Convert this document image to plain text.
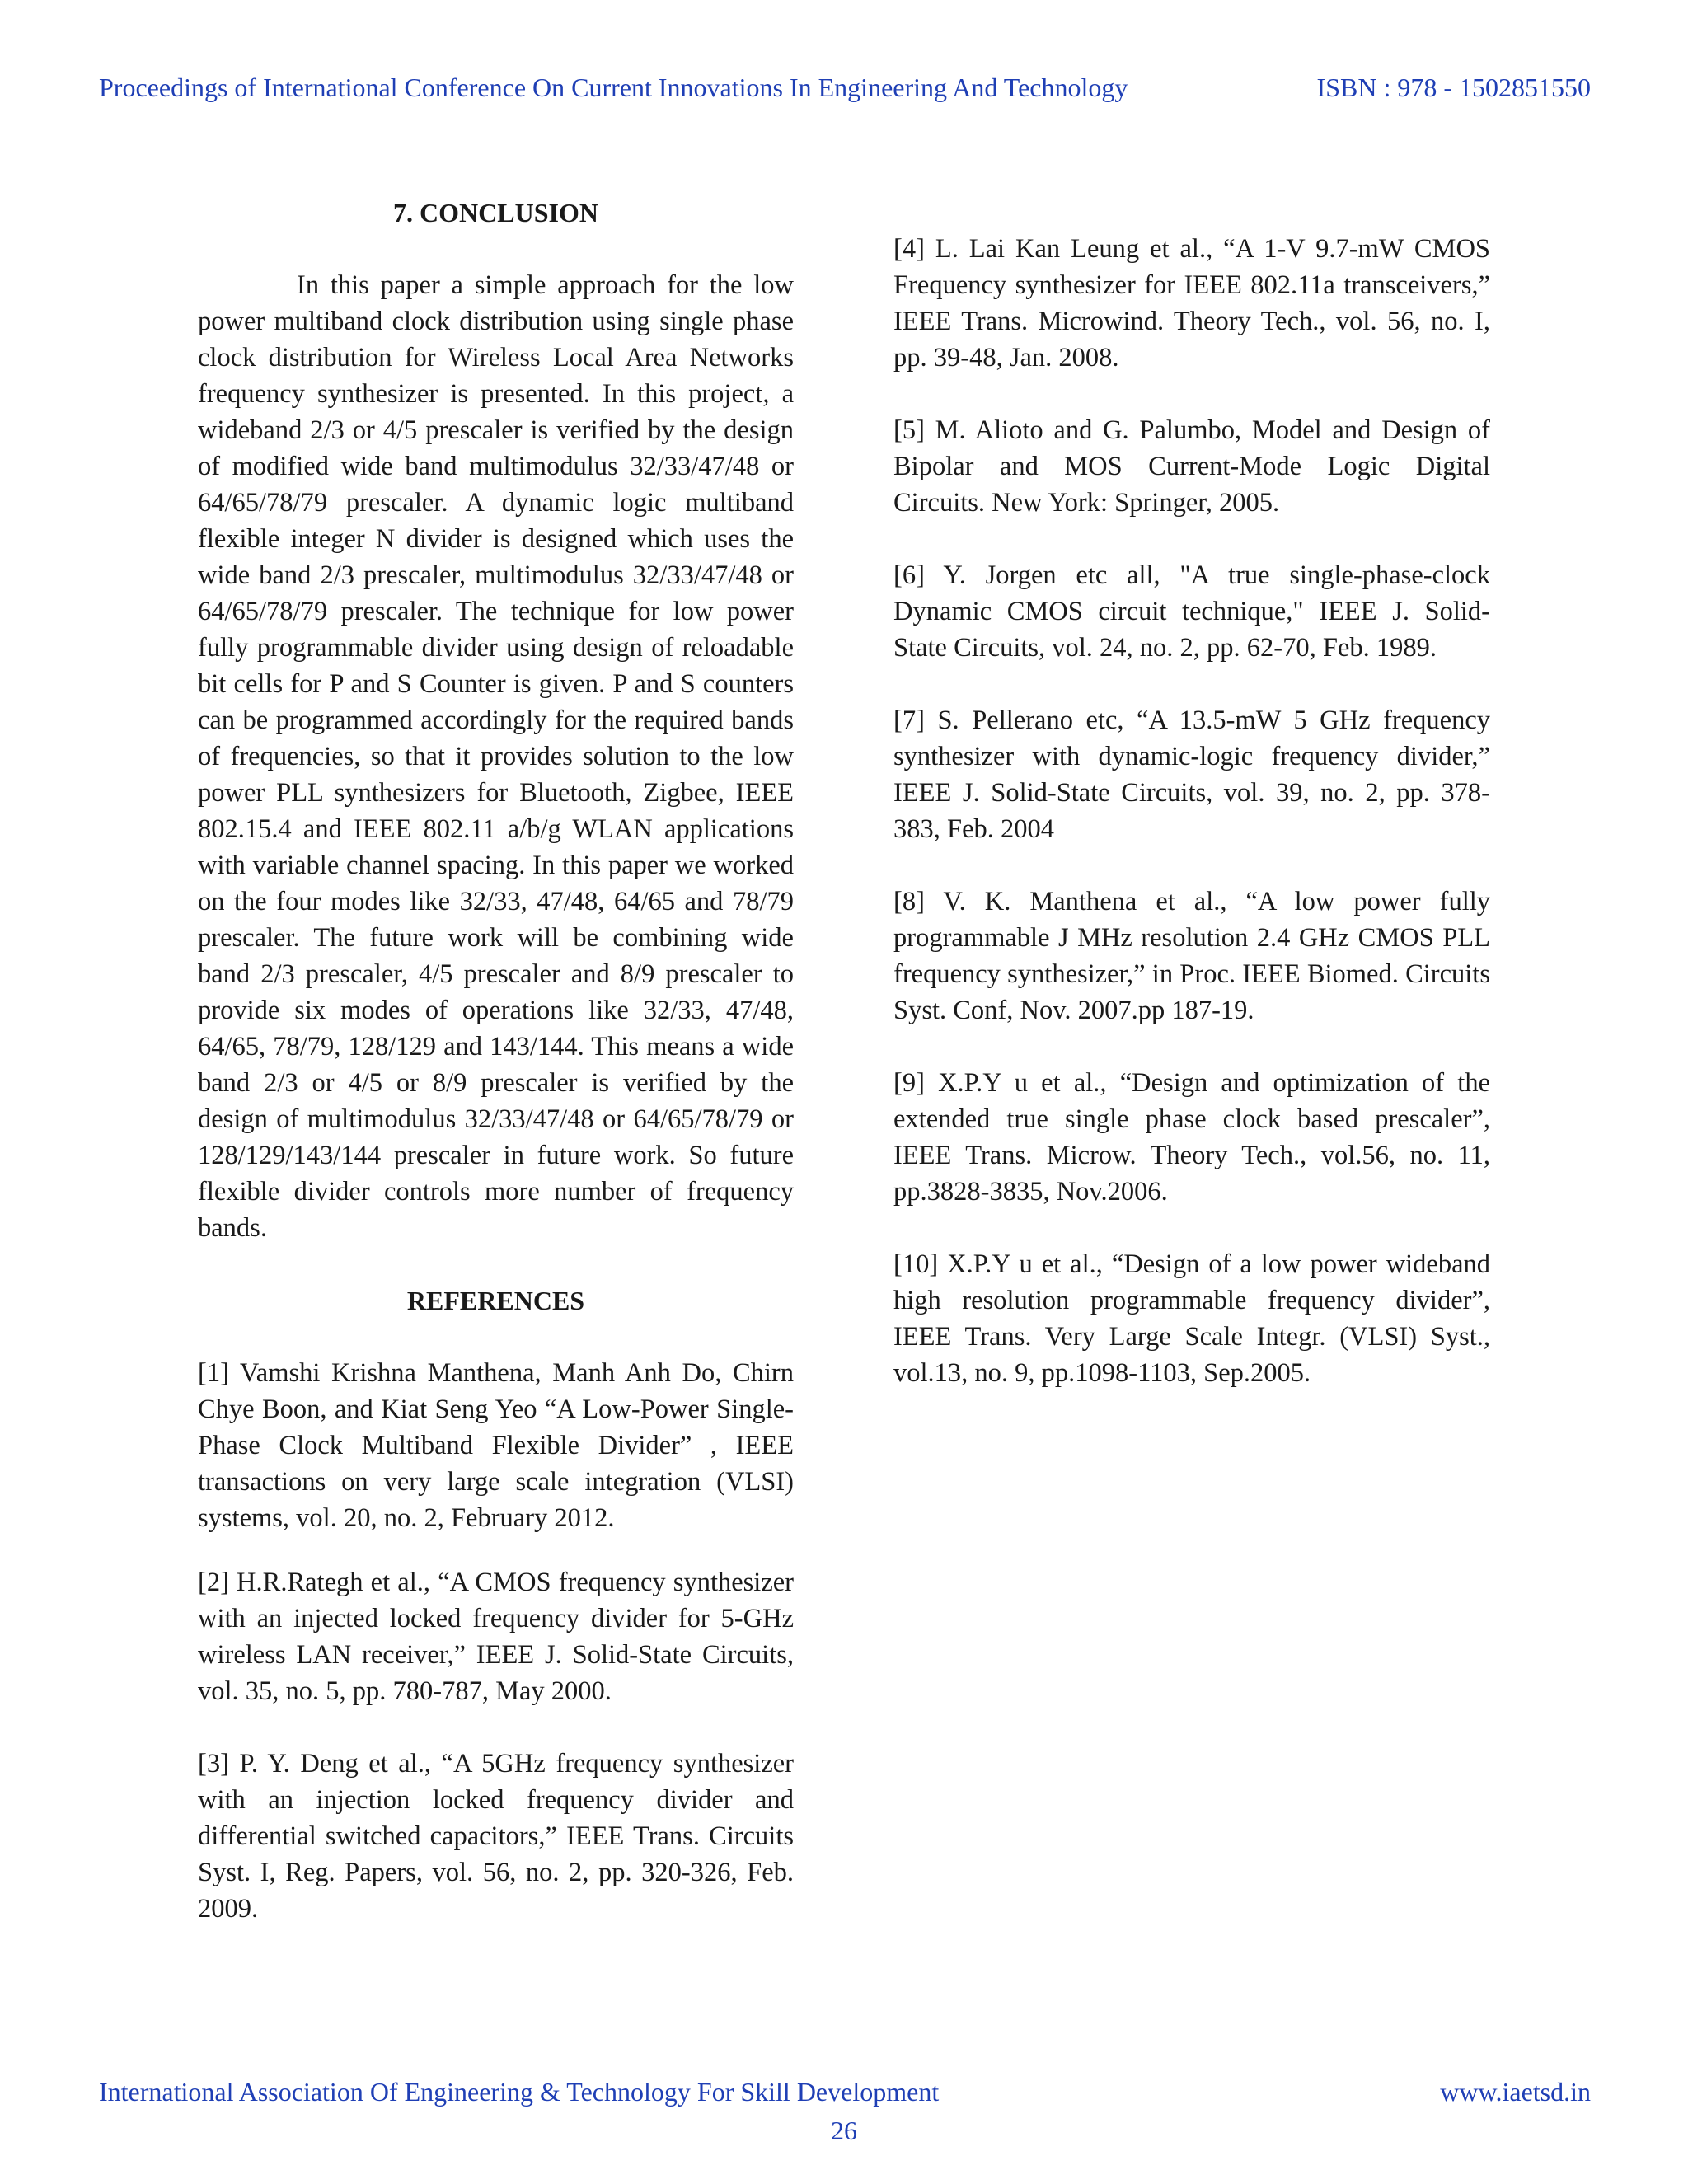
Proceedings of International Conference On Current Innovations In Engineering And Technology	ISBN : 978 - 1502851550
7. CONCLUSION

In this paper a simple approach for the low power multiband clock distribution using single phase clock distribution for Wireless Local Area Networks frequency synthesizer is presented. In this project, a wideband 2/3 or 4/5 prescaler is verified by the design of modified wide band multimodulus 32/33/47/48 or 64/65/78/79 prescaler. A dynamic logic multiband flexible integer N divider is designed which uses the wide band 2/3 prescaler, multimodulus 32/33/47/48 or 64/65/78/79 prescaler. The technique for low power fully programmable divider using design of reloadable bit cells for P and S Counter is given. P and S counters can be programmed accordingly for the required bands of frequencies, so that it provides solution to the low power PLL synthesizers for Bluetooth, Zigbee, IEEE 802.15.4 and IEEE 802.11 a/b/g WLAN applications with variable channel spacing. In this paper we worked on the four modes like 32/33, 47/48, 64/65 and 78/79 prescaler. The future work will be combining wide band 2/3 prescaler, 4/5 prescaler and 8/9 prescaler to provide six modes of operations like 32/33, 47/48, 64/65, 78/79, 128/129 and 143/144. This means a wide band 2/3 or 4/5 or 8/9 prescaler is verified by the design of multimodulus 32/33/47/48 or 64/65/78/79 or 128/129/143/144 prescaler in future work. So future flexible divider controls more number of frequency bands.

REFERENCES

[1] Vamshi Krishna Manthena, Manh Anh Do, Chirn Chye Boon, and Kiat Seng Yeo “A Low-Power Single-Phase Clock Multiband Flexible Divider” , IEEE transactions on very large scale integration (VLSI) systems, vol. 20, no. 2, February 2012.

[2] H.R.Rategh et al., “A CMOS frequency synthesizer with an injected locked frequency divider for 5-GHz wireless LAN receiver,” IEEE J. Solid-State Circuits, vol. 35, no. 5, pp. 780-787, May 2000.

[3] P. Y. Deng et al., “A 5GHz frequency synthesizer with an injection locked frequency divider and differential switched capacitors,” IEEE Trans. Circuits Syst. I, Reg. Papers, vol. 56, no. 2, pp. 320-326, Feb. 2009.

[4] L. Lai Kan Leung et al., “A 1-V 9.7-mW CMOS Frequency synthesizer for IEEE 802.11a transceivers,” IEEE Trans. Microwind. Theory Tech., vol. 56, no. I, pp. 39-48, Jan. 2008.

[5] M. Alioto and G. Palumbo, Model and Design of Bipolar and MOS Current-Mode Logic Digital Circuits. New York: Springer, 2005.

[6] Y. Jorgen etc all, "A true single-phase-clock Dynamic CMOS circuit technique," IEEE J. Solid-State Circuits, vol. 24, no. 2, pp. 62-70, Feb. 1989.

[7] S. Pellerano etc, “A 13.5-mW 5 GHz frequency synthesizer with dynamic-logic frequency divider,” IEEE J. Solid-State Circuits, vol. 39, no. 2, pp. 378-383, Feb. 2004

[8] V. K. Manthena et al., “A low power fully programmable J MHz resolution 2.4 GHz CMOS PLL frequency synthesizer,” in Proc. IEEE Biomed. Circuits Syst. Conf, Nov. 2007.pp 187-19.

[9] X.P.Y u et al., “Design and optimization of the extended true single phase clock based prescaler”, IEEE Trans. Microw. Theory Tech., vol.56, no. 11, pp.3828-3835, Nov.2006.

[10] X.P.Y u et al., “Design of a low power wideband high resolution programmable frequency divider”, IEEE Trans. Very Large Scale Integr. (VLSI) Syst., vol.13, no. 9, pp.1098-1103, Sep.2005.

International Association Of Engineering & Technology For Skill Development	www.iaetsd.in
26
